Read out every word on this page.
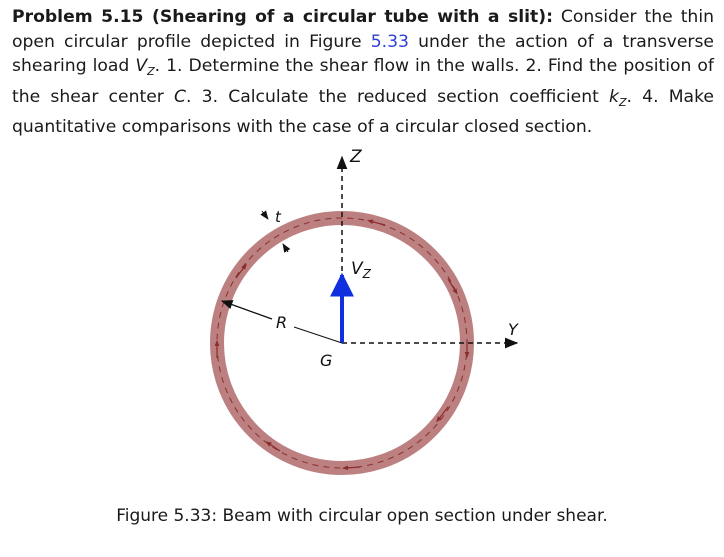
Problem 5.15 (Shearing of a circular tube with a slit): Consider the thin open circular profile depicted in Figure 5.33 under the action of a transverse shearing load $V_Z$. 1. Determine the shear flow in the walls. 2. Find the position of the shear center C. 3. Calculate the reduced section coefficient $k_Z$. 4. Make quantitative comparisons with the case of a circular closed section.
Z
Y
G
R
t
$V_Z$
Figure 5.33: Beam with circular open section under shear.
